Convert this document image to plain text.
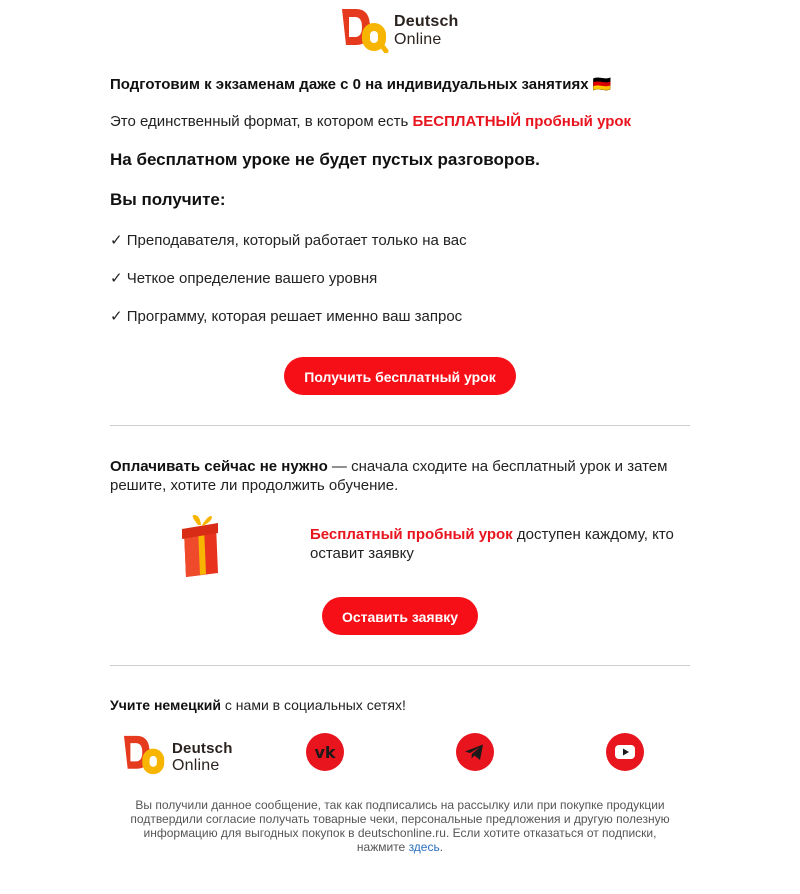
Deutsch
Online

Подготовим к экзаменам даже с 0 на индивидуальных занятиях 🇩🇪

Это единственный формат, в котором есть БЕСПЛАТНЫЙ пробный урок

На бесплатном уроке не будет пустых разговоров.

Вы получите:

✓ Преподавателя, который работает только на вас

✓ Четкое определение вашего уровня

✓ Программу, которая решает именно ваш запрос

Получить бесплатный урок

Оплачивать сейчас не нужно — сначала сходите на бесплатный урок и затем решите, хотите ли продолжить обучение.

Бесплатный пробный урок доступен каждому, кто оставит заявку
Оставить заявку
Учите немецкий с нами в социальных сетях!
Deutsch
Online
vk
Вы получили данное сообщение, так как подписались на рассылку или при покупке продукции подтвердили согласие получать товарные чеки, персональные предложения и другую полезную информацию для выгодных покупок в deutschonline.ru. Если хотите отказаться от подписки, нажмите здесь.
